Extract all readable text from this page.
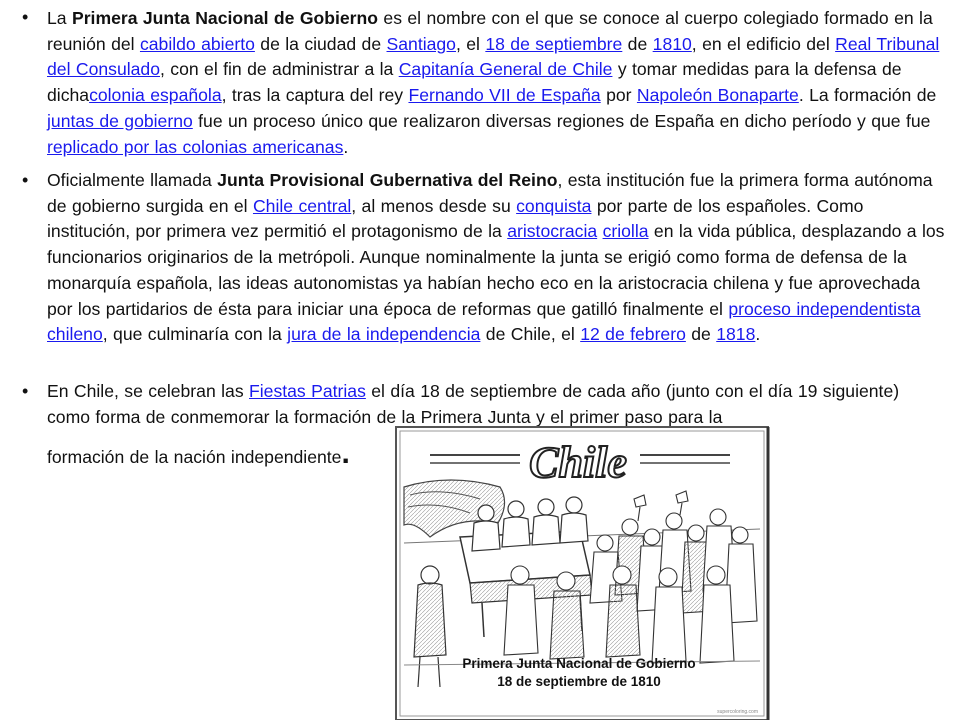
• La Primera Junta Nacional de Gobierno es el nombre con el que se conoce al cuerpo colegiado formado en la reunión del cabildo abierto de la ciudad de Santiago, el 18 de septiembre de 1810, en el edificio del Real Tribunal del Consulado, con el fin de administrar a la Capitanía General de Chile y tomar medidas para la defensa de dichacolonia española, tras la captura del rey Fernando VII de España por Napoleón Bonaparte. La formación de juntas de gobierno fue un proceso único que realizaron diversas regiones de España en dicho período y que fue replicado por las colonias americanas.
• Oficialmente llamada Junta Provisional Gubernativa del Reino, esta institución fue la primera forma autónoma de gobierno surgida en el Chile central, al menos desde su conquista por parte de los españoles. Como institución, por primera vez permitió el protagonismo de la aristocracia criolla en la vida pública, desplazando a los funcionarios originarios de la metrópoli. Aunque nominalmente la junta se erigió como forma de defensa de la monarquía española, las ideas autonomistas ya habían hecho eco en la aristocracia chilena y fue aprovechada por los partidarios de ésta para iniciar una época de reformas que gatilló finalmente el proceso independentista chileno, que culminaría con la jura de la independencia de Chile, el 12 de febrero de 1818.
• En Chile, se celebran las Fiestas Patrias el día 18 de septiembre de cada año (junto con el día 19 siguiente) como forma de conmemorar la formación de la Primera Junta y el primer paso para la
formación de la nación independiente.	Chile
Primera Junta Nacional de Gobierno
18 de septiembre de 1810
supercoloring.com
